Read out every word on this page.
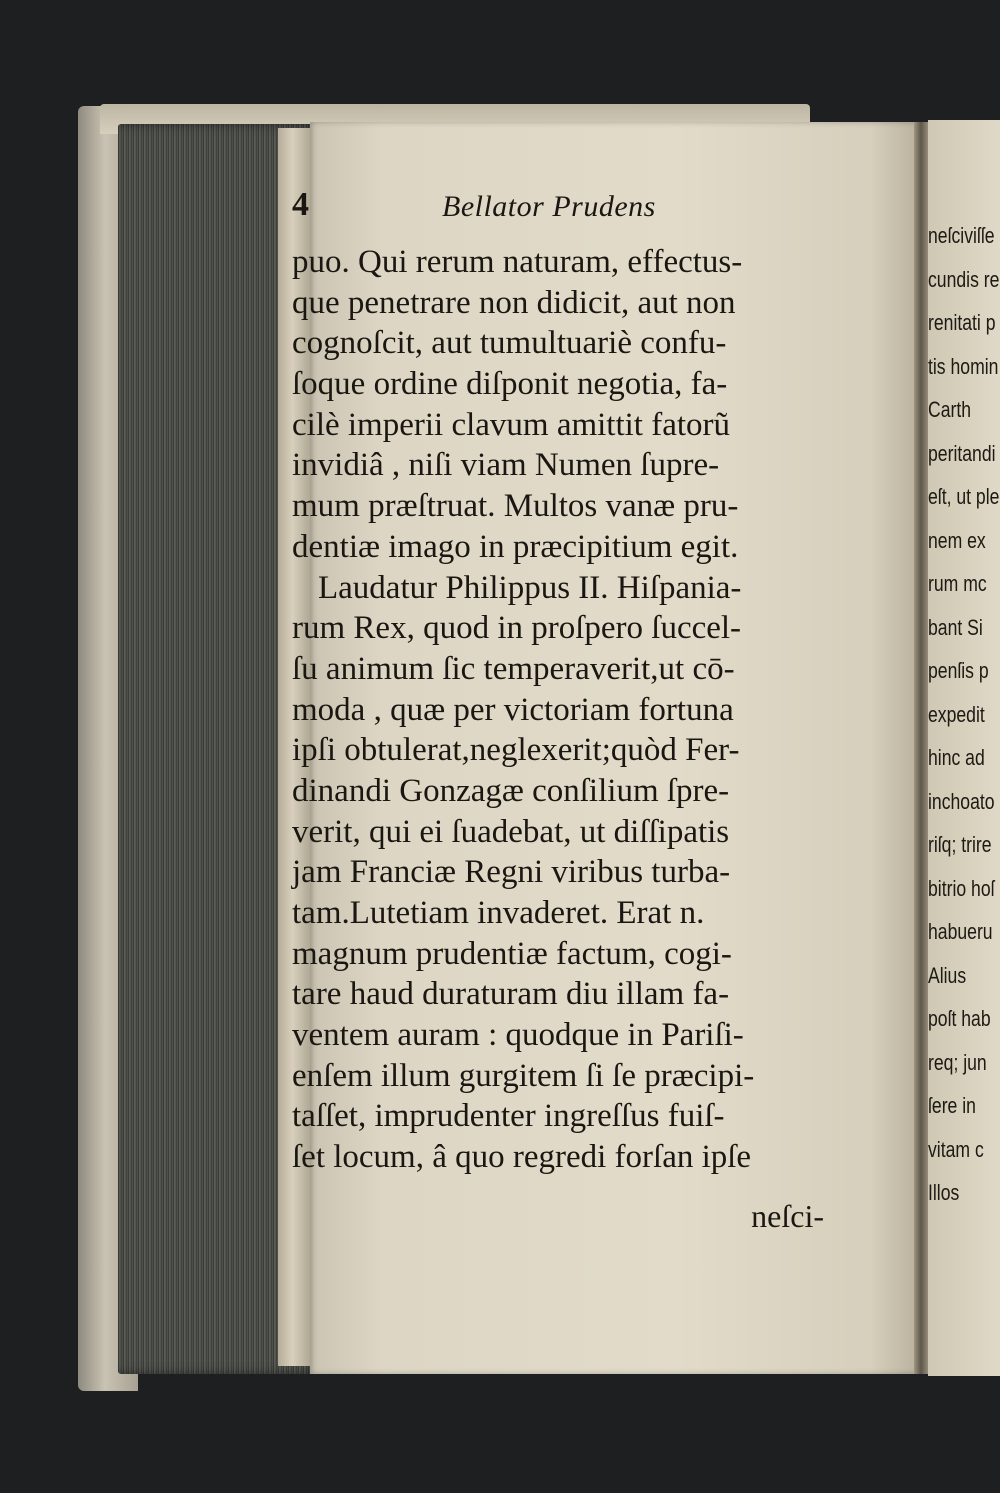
4	Bellator Prudens
puo. Qui rerum naturam, effectus-
que penetrare non didicit, aut non
cognoſcit, aut tumultuariè confu-
ſoque ordine diſponit negotia, fa-
cilè imperii clavum amittit fatorũ
invidiâ , niſi viam Numen ſupre-
mum præſtruat. Multos vanæ pru-
dentiæ imago in præcipitium egit.
Laudatur Philippus II. Hiſpania-
rum Rex, quod in proſpero ſuccel-
ſu animum ſic temperaverit,ut cō-
moda , quæ per victoriam fortuna
ipſi obtulerat,neglexerit;quòd Fer-
dinandi Gonzagæ conſilium ſpre-
verit, qui ei ſuadebat, ut diſſipatis
jam Franciæ Regni viribus turba-
tam.Lutetiam invaderet. Erat n.
magnum prudentiæ factum, cogi-
tare haud duraturam diu illam fa-
ventem auram : quodque in Pariſi-
enſem illum gurgitem ſi ſe præcipi-
taſſet, imprudenter ingreſſus fuiſ-
ſet locum, â quo regredi forſan ipſe
neſci-
neſciviſſe
cundis re
renitati p
tis homin
Carth
peritandi
eſt, ut ple
nem ex
rum mc
bant Si
penſis p
expedit
hinc ad
inchoato
riſq; trire
bitrio hoſ
habueru
Alius
poſt hab
req; jun
ſere in
vitam c
Illos
